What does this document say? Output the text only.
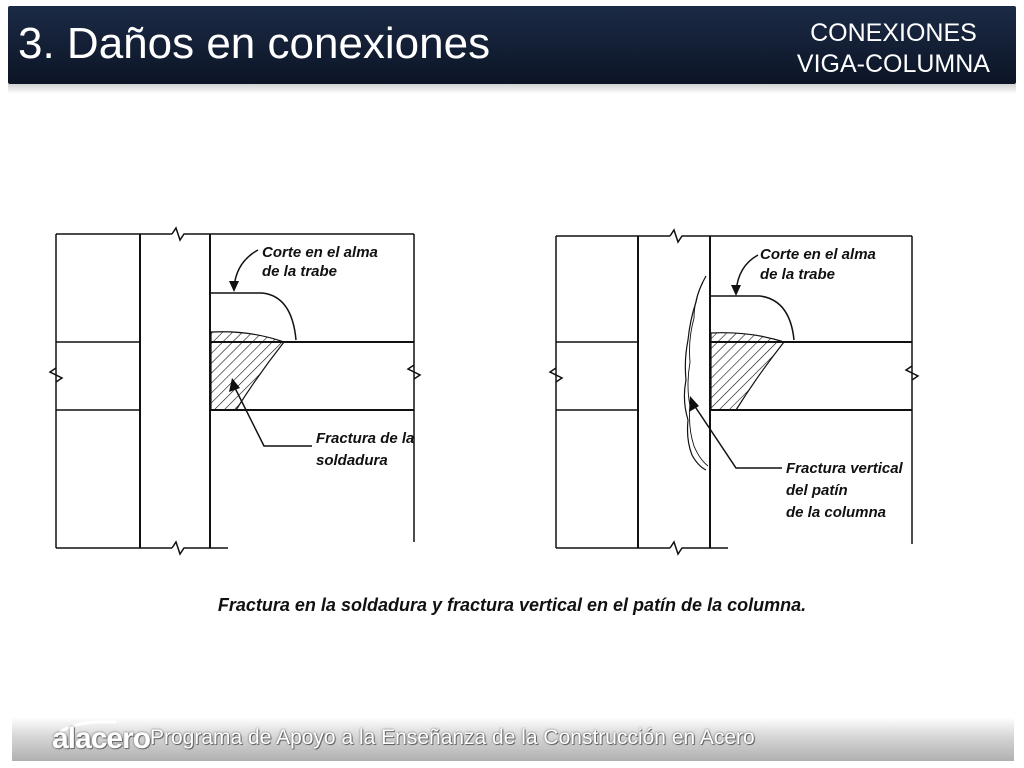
3. Daños en conexiones	CONEXIONES
VIGA-COLUMNA
Corte en el alma
de la trabe
Fractura de la
soldadura
Corte en el alma
de la trabe
Fractura vertical
del patín
de la columna
Fractura en la soldadura y fractura vertical en el patín de la columna.
alacero Programa de Apoyo a la Enseñanza de la Construcción en Acero
